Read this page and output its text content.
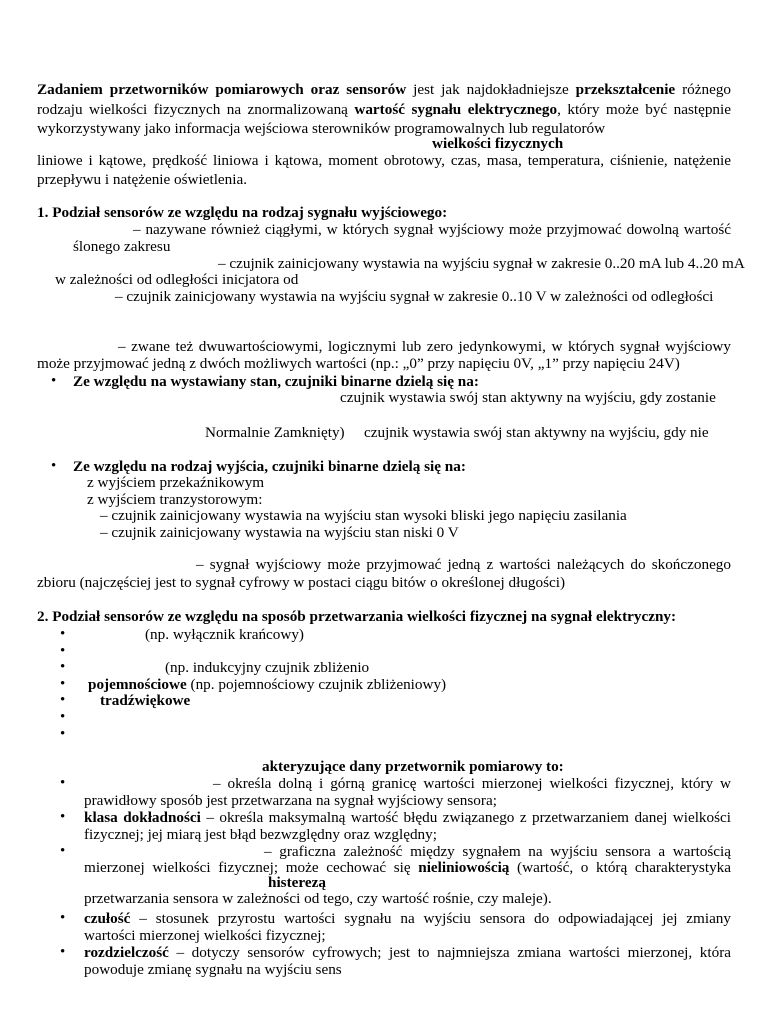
Zadaniem przetworników pomiarowych oraz sensorów jest jak najdokładniejsze przekształcenie różnego
rodzaju wielkości fizycznych na znormalizowaną wartość sygnału elektrycznego, który może być następnie
wykorzystywany jako informacja wejściowa sterowników programowalnych lub regulatorów
wielkości fizycznych
liniowe i kątowe, prędkość liniowa i kątowa, moment obrotowy, czas, masa, temperatura, ciśnienie, natężenie
przepływu i natężenie oświetlenia.
1. Podział sensorów ze względu na rodzaj sygnału wyjściowego:
– nazywane również ciągłymi, w których sygnał wyjściowy może przyjmować dowolną wartość
ślonego zakresu
– czujnik zainicjowany wystawia na wyjściu sygnał w zakresie 0..20 mA lub 4..20 mA
w zależności od odległości inicjatora od
– czujnik zainicjowany wystawia na wyjściu sygnał w zakresie 0..10 V w zależności od odległości
– zwane też dwuwartościowymi, logicznymi lub zero jedynkowymi, w których sygnał wyjściowy
może przyjmować jedną z dwóch możliwych wartości (np.: „0” przy napięciu 0V, „1” przy napięciu 24V)
• Ze względu na wystawiany stan, czujniki binarne dzielą się na:
czujnik wystawia swój stan aktywny na wyjściu, gdy zostanie
Normalnie Zamknięty) czujnik wystawia swój stan aktywny na wyjściu, gdy nie
• Ze względu na rodzaj wyjścia, czujniki binarne dzielą się na:
z wyjściem przekaźnikowym
z wyjściem tranzystorowym:
– czujnik zainicjowany wystawia na wyjściu stan wysoki bliski jego napięciu zasilania
– czujnik zainicjowany wystawia na wyjściu stan niski 0 V
– sygnał wyjściowy może przyjmować jedną z wartości należących do skończonego
zbioru (najczęściej jest to sygnał cyfrowy w postaci ciągu bitów o określonej długości)
2. Podział sensorów ze względu na sposób przetwarzania wielkości fizycznej na sygnał elektryczny:
•	(np. wyłącznik krańcowy)
•
•	(np. indukcyjny czujnik zbliżenio
• pojemnościowe (np. pojemnościowy czujnik zbliżeniowy)
• tradźwiękowe
•
•
akteryzujące dany przetwornik pomiarowy to:
•	– określa dolną i górną granicę wartości mierzonej wielkości fizycznej, który w
prawidłowy sposób jest przetwarzana na sygnał wyjściowy sensora;
• klasa dokładności – określa maksymalną wartość błędu związanego z przetwarzaniem danej wielkości
fizycznej; jej miarą jest błąd bezwzględny oraz względny;
•	– graficzna zależność między sygnałem na wyjściu sensora a wartością
mierzonej wielkości fizycznej; może cechować się nieliniowością (wartość, o którą charakterystyka
histerezą
przetwarzania sensora w zależności od tego, czy wartość rośnie, czy maleje).
• czułość – stosunek przyrostu wartości sygnału na wyjściu sensora do odpowiadającej jej zmiany
wartości mierzonej wielkości fizycznej;
• rozdzielczość – dotyczy sensorów cyfrowych; jest to najmniejsza zmiana wartości mierzonej, która
powoduje zmianę sygnału na wyjściu sens
